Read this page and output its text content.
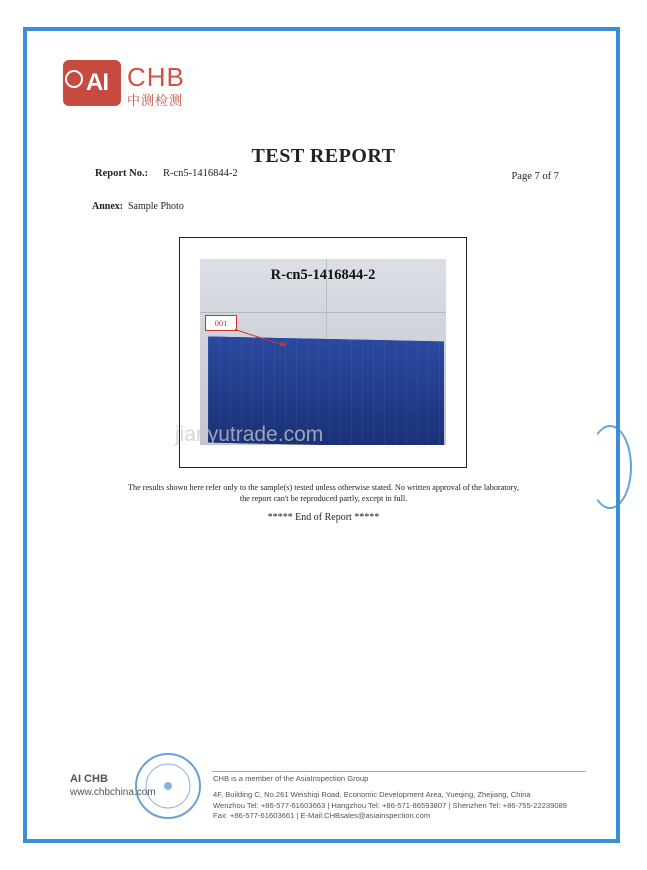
AI CHB
中测检测
TEST REPORT
Report No.: R-cn5-1416844-2	Page 7 of 7
Annex: Sample Photo
R-cn5-1416844-2
001
jianyutrade.com
The results shown here refer only to the sample(s) tested unless otherwise stated. No written approval of the laboratory,
the report can't be reproduced partly, except in full.
***** End of Report *****
AI CHB
www.chbchina.com
CHB is a member of the AsiaInspection Group
4F, Building C, No.261 Weishiqi Road, Economic Development Area, Yueqing, Zhejiang, China
Wenzhou Tel: +86-577-61603663 | Hangzhou Tel: +86-571-86593807 | Shenzhen Tel: +86-755-22239089
Fax: +86-577-61603661 | E-Mail:CHBsales@asiainspection.com
